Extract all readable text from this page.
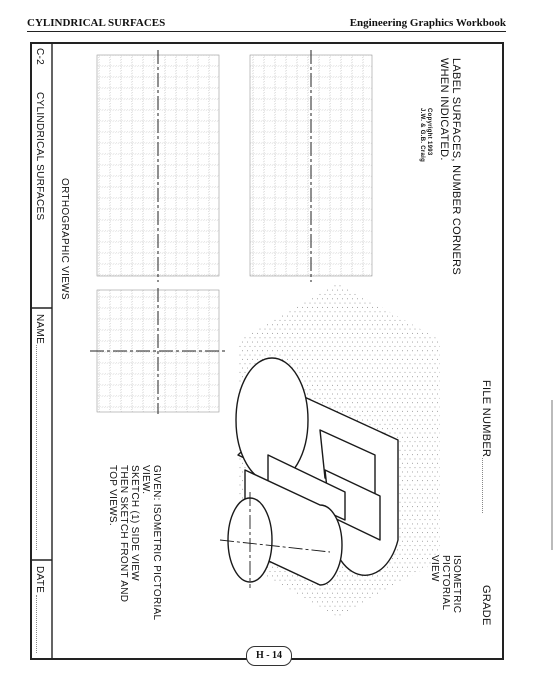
CYLINDRICAL SURFACES	Engineering Graphics Workbook
C-2
CYLINDRICAL SURFACES
NAME
DATE
ORTHOGRAPHIC VIEWS	LABEL SURFACES, NUMBER CORNERS
WHEN INDICATED.
Copyright 1993
J.W. & G.B. Craig
FILE NUMBER
GRADE
ISOMETRIC
PICTORIAL
VIEW
GIVEN: ISOMETRIC PICTORIAL
VIEW.
SKETCH (1) SIDE VIEW
THEN SKETCH FRONT AND
TOP VIEWS.
H - 14
